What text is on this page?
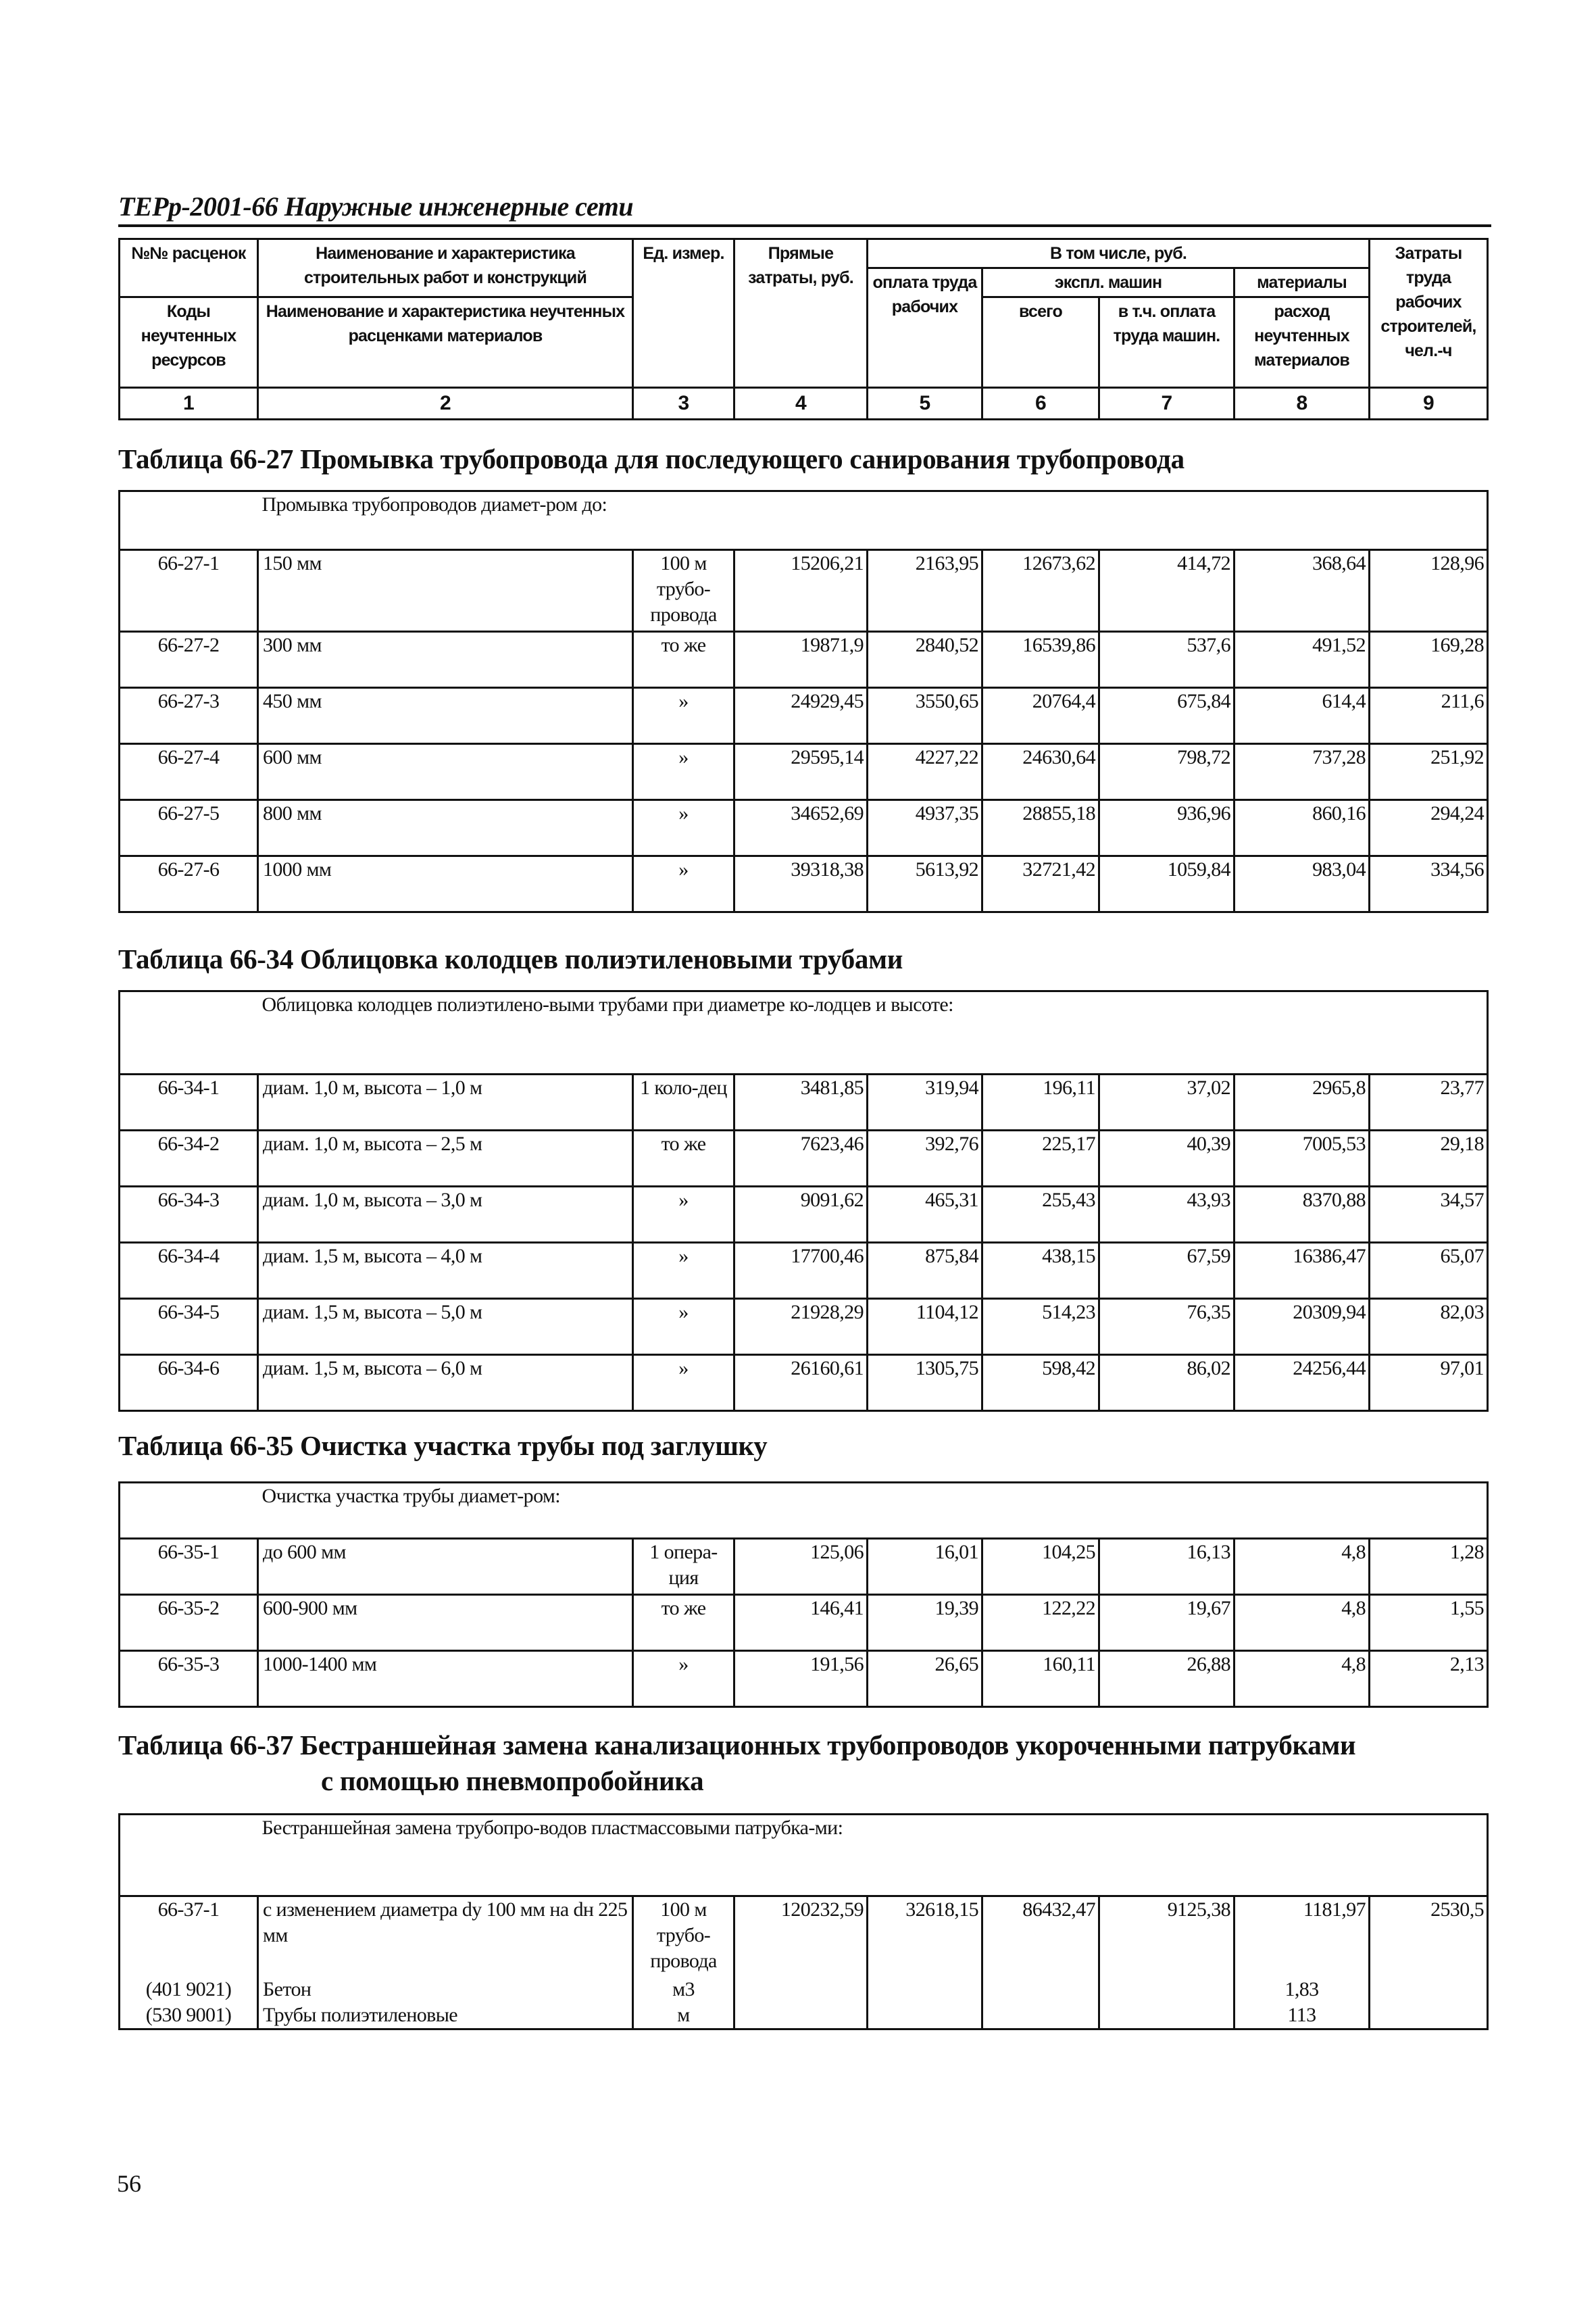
ТЕРр-2001-66 Наружные инженерные сети
№№ расценок	Наименование и характеристика строительных работ и конструкций	Ед. измер.	Прямые затраты, руб.	В том числе, руб.				Затраты труда рабочих строителей, чел.-ч
				оплата труда рабочих	экспл. машин		материалы	
Коды неучтенных ресурсов	Наименование и характеристика неучтенных расценками материалов				всего	в т.ч. оплата труда машин.	расход неучтенных материалов	

1	2	3	4	5	6	7	8	9
Таблица 66-27 Промывка трубопровода для последующего санирования трубопровода
	Промывка трубопроводов диамет-ром до:							
66-27-1	150 мм	100 м трубо-провода	15206,21	2163,95	12673,62	414,72	368,64	128,96
66-27-2	300 мм	то же	19871,9	2840,52	16539,86	537,6	491,52	169,28
66-27-3	450 мм	»	24929,45	3550,65	20764,4	675,84	614,4	211,6
66-27-4	600 мм	»	29595,14	4227,22	24630,64	798,72	737,28	251,92
66-27-5	800 мм	»	34652,69	4937,35	28855,18	936,96	860,16	294,24
66-27-6	1000 мм	»	39318,38	5613,92	32721,42	1059,84	983,04	334,56
Таблица 66-34 Облицовка колодцев полиэтиленовыми трубами
	Облицовка колодцев полиэтилено-выми трубами при диаметре ко-лодцев и высоте:							
66-34-1	диам. 1,0 м, высота – 1,0 м	1 коло-дец	3481,85	319,94	196,11	37,02	2965,8	23,77
66-34-2	диам. 1,0 м, высота – 2,5 м	то же	7623,46	392,76	225,17	40,39	7005,53	29,18
66-34-3	диам. 1,0 м, высота – 3,0 м	»	9091,62	465,31	255,43	43,93	8370,88	34,57
66-34-4	диам. 1,5 м, высота – 4,0 м	»	17700,46	875,84	438,15	67,59	16386,47	65,07
66-34-5	диам. 1,5 м, высота – 5,0 м	»	21928,29	1104,12	514,23	76,35	20309,94	82,03
66-34-6	диам. 1,5 м, высота – 6,0 м	»	26160,61	1305,75	598,42	86,02	24256,44	97,01
Таблица 66-35 Очистка участка трубы под заглушку
	Очистка участка трубы диамет-ром:							
66-35-1	до 600 мм	1 опера-ция	125,06	16,01	104,25	16,13	4,8	1,28
66-35-2	600-900 мм	то же	146,41	19,39	122,22	19,67	4,8	1,55
66-35-3	1000-1400 мм	»	191,56	26,65	160,11	26,88	4,8	2,13
Таблица 66-37 Бестраншейная замена канализационных трубопроводов укороченными патрубками
с помощью пневмопробойника
	Бестраншейная замена трубопро-водов пластмассовыми патрубка-ми:							
66-37-1	с изменением диаметра dy 100 мм на dн 225 мм	100 м трубо-провода	120232,59	32618,15	86432,47	9125,38	1181,97	2530,5
(401 9021)	Бетон	м3					1,83	
(530 9001)	Трубы полиэтиленовые	м					113	
56
